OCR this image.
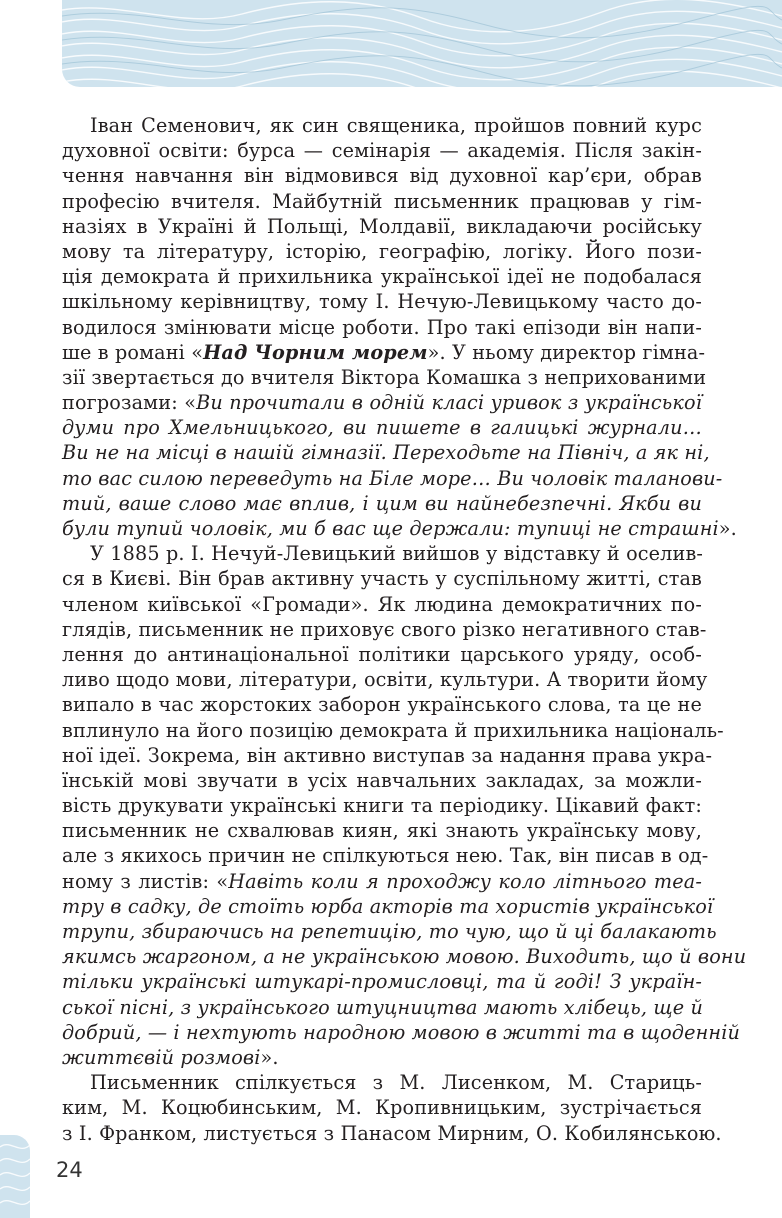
Іван Семенович, як син священика, пройшов повний курс
духовної освіти: бурса — семінарія — академія. Після закін-
чення навчання він відмовився від духовної кар’єри, обрав
професію вчителя. Майбутній письменник працював у гім-
назіях в Україні й Польщі, Молдавії, викладаючи російську
мову та літературу, історію, географію, логіку. Його пози-
ція демократа й прихильника української ідеї не подобалася
шкільному керівництву, тому І. Нечую-Левицькому часто до-
водилося змінювати місце роботи. Про такі епізоди він напи-
ше в романі «Над Чорним морем». У ньому директор гімна-
зії звертається до вчителя Віктора Комашка з неприхованими
погрозами: «Ви прочитали в одній класі уривок з української
думи про Хмельницького, ви пишете в галицькі журнали…
Ви не на місці в нашій гімназії. Переходьте на Північ, а як ні,
то вас силою переведуть на Біле море… Ви чоловік таланови-
тий, ваше слово має вплив, і цим ви найнебезпечні. Якби ви
були тупий чоловік, ми б вас ще держали: тупиці не страшні».
У 1885 р. І. Нечуй-Левицький вийшов у відставку й оселив-
ся в Києві. Він брав активну участь у суспільному житті, став
членом київської «Громади». Як людина демократичних по-
глядів, письменник не приховує свого різко негативного став-
лення до антинаціональної політики царського уряду, особ-
ливо щодо мови, літератури, освіти, культури. А творити йому
випало в час жорстоких заборон українського слова, та це не
вплинуло на його позицію демократа й прихильника національ-
ної ідеї. Зокрема, він активно виступав за надання права укра-
їнській мові звучати в усіх навчальних закладах, за можли-
вість друкувати українські книги та періодику. Цікавий факт:
письменник не схвалював киян, які знають українську мову,
але з якихось причин не спілкуються нею. Так, він писав в од-
ному з листів: «Навіть коли я проходжу коло літнього теа-
тру в садку, де стоїть юрба акторів та хористів української
трупи, збираючись на репетицію, то чую, що й ці балакають
якимсь жаргоном, а не українською мовою. Виходить, що й вони
тільки українські штукарі-промисловці, та й годі! З україн-
ської пісні, з українського штуцництва мають хлібець, ще й
добрий, — і нехтують народною мовою в житті та в щоденній
життєвій розмові».
Письменник спілкується з М. Лисенком, М. Стариць-
ким, М. Коцюбинським, М. Кропивницьким, зустрічається
з І. Франком, листується з Панасом Мирним, О. Кобилянською.
24
